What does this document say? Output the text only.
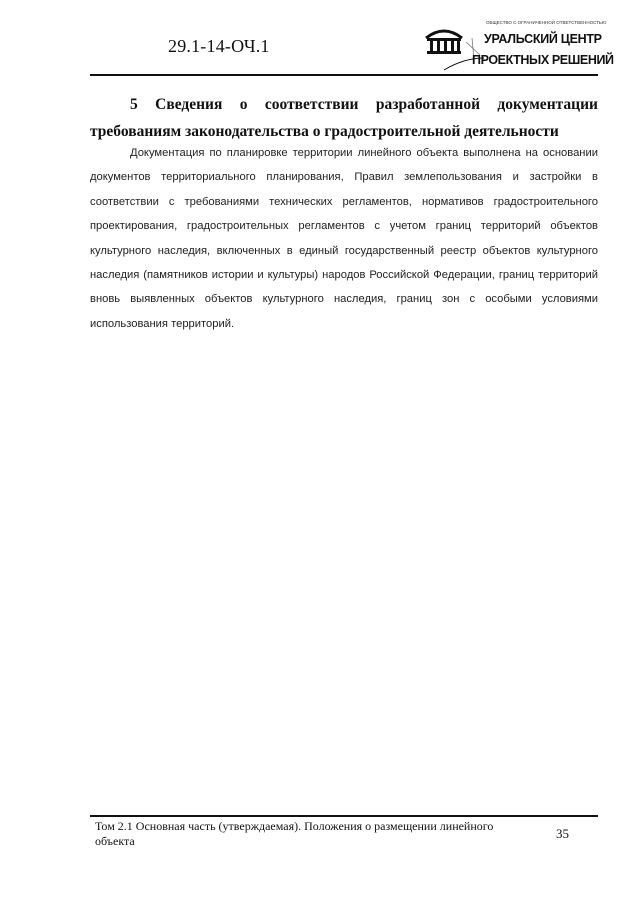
29.1-14-ОЧ.1
ОБЩЕСТВО С ОГРАНИЧЕННОЙ ОТВЕТСТВЕННОСТЬЮ
УРАЛЬСКИЙ ЦЕНТР
ПРОЕКТНЫХ РЕШЕНИЙ
5 Сведения о соответствии разработанной документации
требованиям законодательства о градостроительной деятельности
Документация по планировке территории линейного объекта выполнена на основании документов территориального планирования, Правил землепользования и застройки в соответствии с требованиями технических регламентов, нормативов градостроительного проектирования, градостроительных регламентов с учетом границ территорий объектов культурного наследия, включенных в единый государственный реестр объектов культурного наследия (памятников истории и культуры) народов Российской Федерации, границ территорий вновь выявленных объектов культурного наследия, границ зон с особыми условиями использования территорий.
Том 2.1 Основная часть (утверждаемая). Положения о размещении линейного объекта	35
